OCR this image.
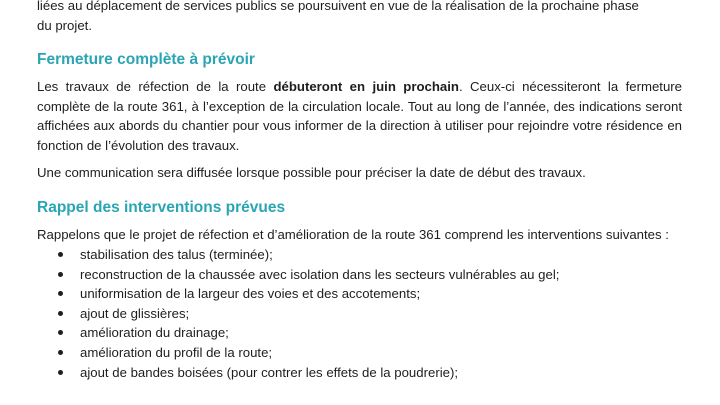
liées au déplacement de services publics se poursuivent en vue de la réalisation de la prochaine phase
du projet.

Fermeture complète à prévoir

Les travaux de réfection de la route débuteront en juin prochain. Ceux-ci nécessiteront la fermeture complète de la route 361, à l’exception de la circulation locale. Tout au long de l’année, des indications seront affichées aux abords du chantier pour vous informer de la direction à utiliser pour rejoindre votre résidence en fonction de l’évolution des travaux.

Une communication sera diffusée lorsque possible pour préciser la date de début des travaux.

Rappel des interventions prévues

Rappelons que le projet de réfection et d’amélioration de la route 361 comprend les interventions suivantes :

stabilisation des talus (terminée);
reconstruction de la chaussée avec isolation dans les secteurs vulnérables au gel;
uniformisation de la largeur des voies et des accotements;
ajout de glissières;
amélioration du drainage;
amélioration du profil de la route;
ajout de bandes boisées (pour contrer les effets de la poudrerie);
